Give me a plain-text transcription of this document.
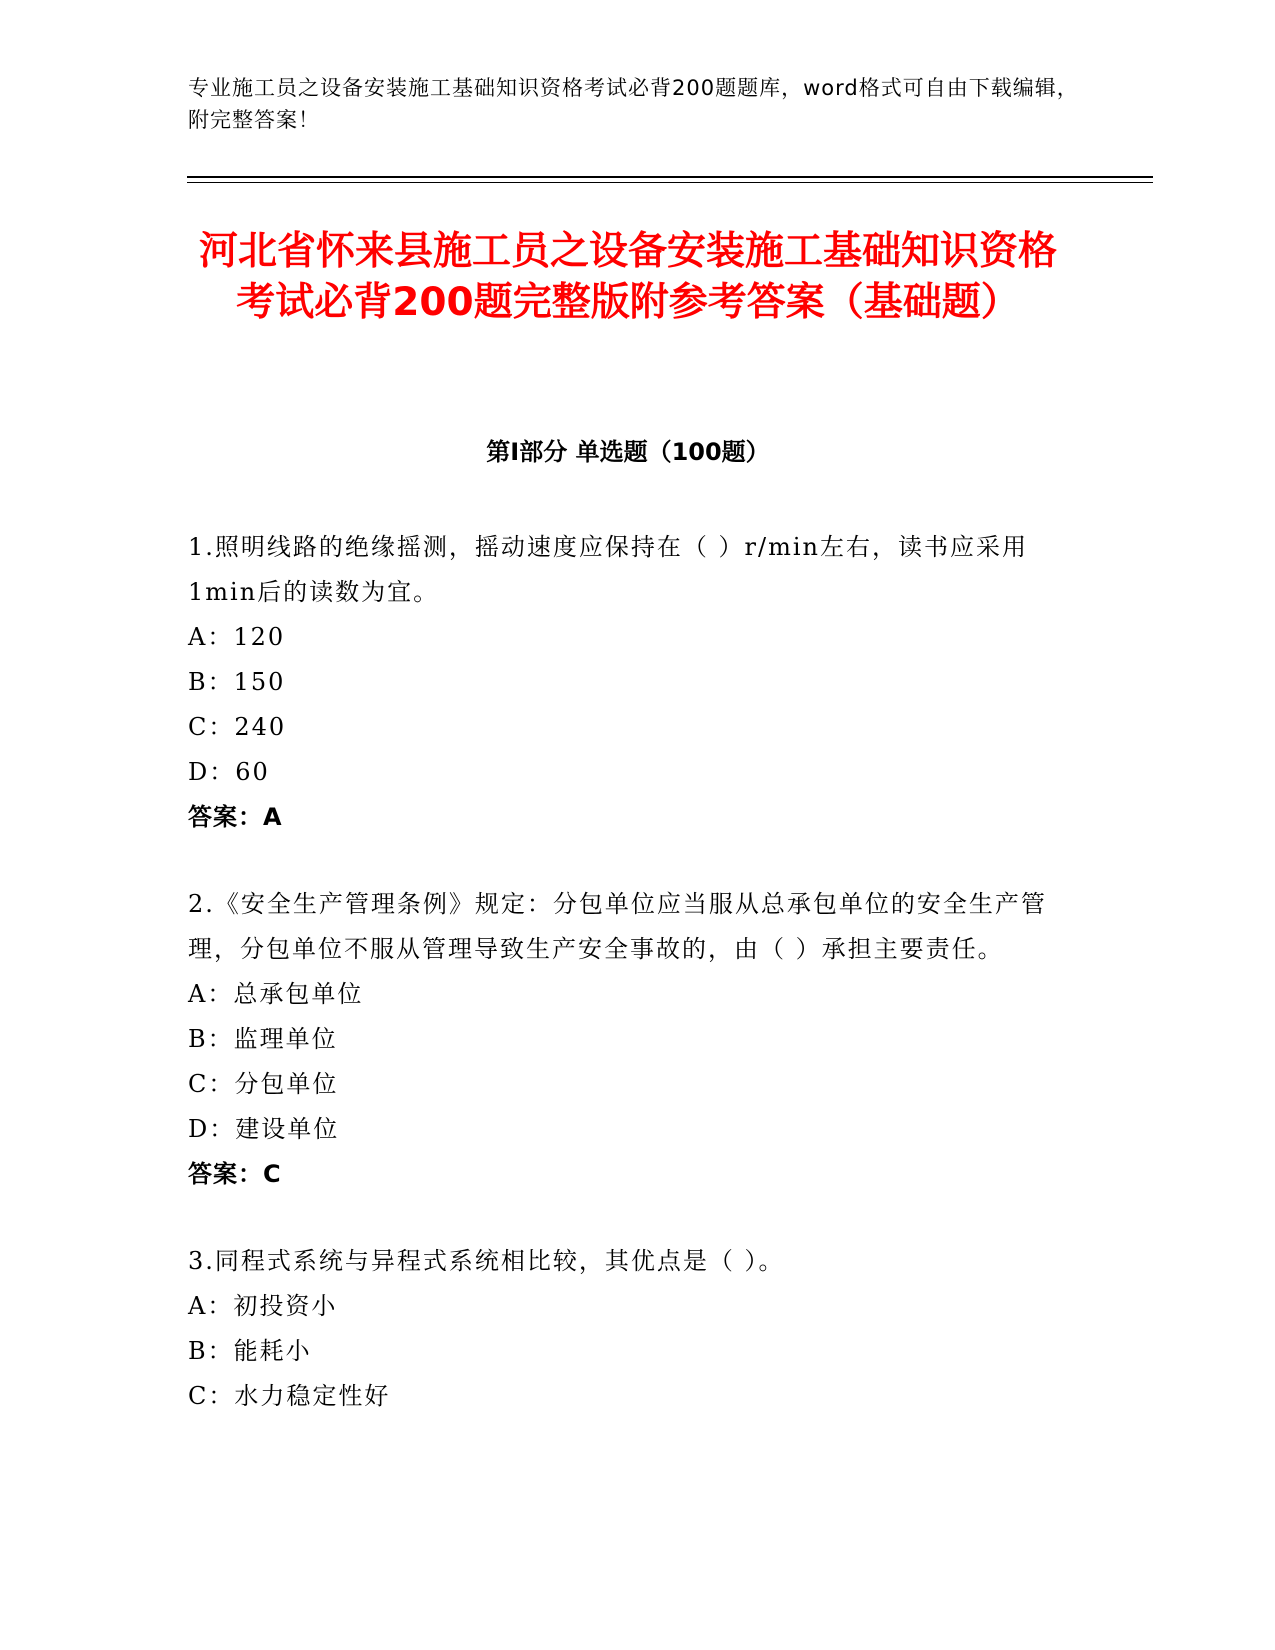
专业施工员之设备安装施工基础知识资格考试必背200题题库，word格式可自由下载编辑，附完整答案！
河北省怀来县施工员之设备安装施工基础知识资格考试必背200题完整版附参考答案（基础题）
第I部分 单选题（100题）
1.照明线路的绝缘摇测，摇动速度应保持在（ ）r/min左右，读书应采用1min后的读数为宜。
A：120
B：150
C：240
D：60
答案：A
2.《安全生产管理条例》规定：分包单位应当服从总承包单位的安全生产管理，分包单位不服从管理导致生产安全事故的，由（ ）承担主要责任。
A：总承包单位
B：监理单位
C：分包单位
D：建设单位
答案：C
3.同程式系统与异程式系统相比较，其优点是（ ）。
A：初投资小
B：能耗小
C：水力稳定性好
